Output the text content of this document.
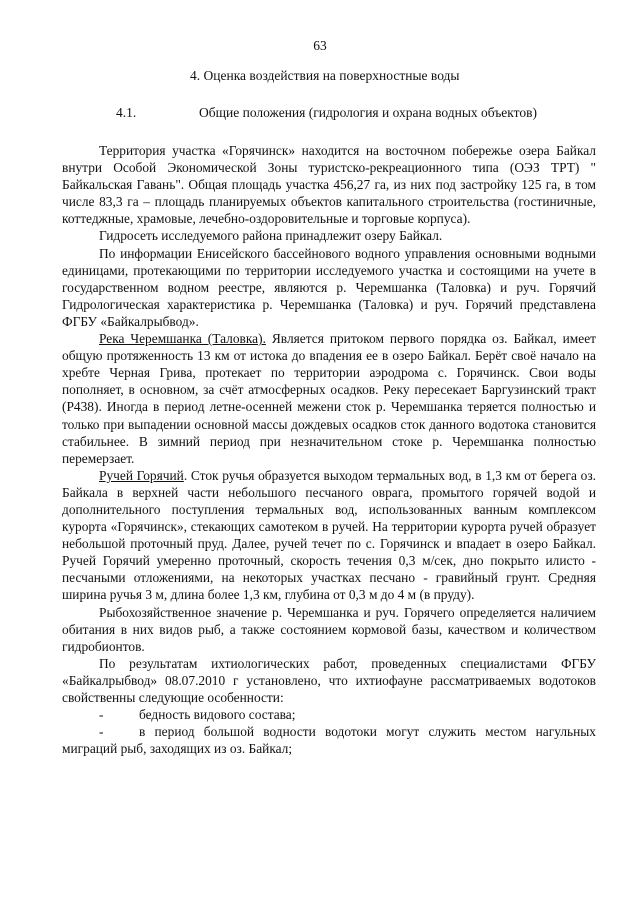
63
4. Оценка воздействия на поверхностные воды
4.1.	Общие положения (гидрология и охрана водных объектов)

Территория участка «Горячинск» находится на восточном побережье озера Байкал внутри Особой Экономической Зоны туристско-рекреационного типа (ОЭЗ ТРТ) " Байкальская Гавань". Общая площадь участка 456,27 га, из них под застройку 125 га, в том числе 83,3 га – площадь планируемых объектов капитального строительства (гостиничные, коттеджные, храмовые, лечебно-оздоровительные и торговые корпуса).

Гидросеть исследуемого района принадлежит озеру Байкал.

По информации Енисейского бассейнового водного управления основными водными единицами, протекающими по территории исследуемого участка и состоящими на учете в государственном водном реестре, являются р. Черемшанка (Таловка) и руч. Горячий Гидрологическая характеристика р. Черемшанка (Таловка) и руч. Горячий представлена ФГБУ «Байкалрыбвод».

Река Черемшанка (Таловка). Является притоком первого порядка оз. Байкал, имеет общую протяженность 13 км от истока до впадения ее в озеро Байкал. Берёт своё начало на хребте Черная Грива, протекает по территории аэродрома с. Горячинск. Свои воды пополняет, в основном, за счёт атмосферных осадков. Реку пересекает Баргузинский тракт (Р438). Иногда в период летне-осенней межени сток р. Черемшанка теряется полностью и только при выпадении основной массы дождевых осадков сток данного водотока становится стабильнее. В зимний период при незначительном стоке р. Черемшанка полностью перемерзает.

Ручей Горячий. Сток ручья образуется выходом термальных вод, в 1,3 км от берега оз. Байкала в верхней части небольшого песчаного оврага, промытого горячей водой и дополнительного поступления термальных вод, использованных ванным комплексом курорта «Горячинск», стекающих самотеком в ручей. На территории курорта ручей образует небольшой проточный пруд. Далее, ручей течет по с. Горячинск и впадает в озеро Байкал. Ручей Горячий умеренно проточный, скорость течения 0,3 м/сек, дно покрыто илисто - песчаными отложениями, на некоторых участках песчано - гравийный грунт. Средняя ширина ручья 3 м, длина более 1,3 км, глубина от 0,3 м до 4 м (в пруду).

Рыбохозяйственное значение р. Черемшанка и руч. Горячего определяется наличием обитания в них видов рыб, а также состоянием кормовой базы, качеством и количеством гидробионтов.

По результатам ихтиологических работ, проведенных специалистами ФГБУ «Байкалрыбвод» 08.07.2010 г установлено, что ихтиофауне рассматриваемых водотоков свойственны следующие особенности:

-	бедность видового состава;
-	в период большой водности водотоки могут служить местом нагульных миграций рыб, заходящих из оз. Байкал;
